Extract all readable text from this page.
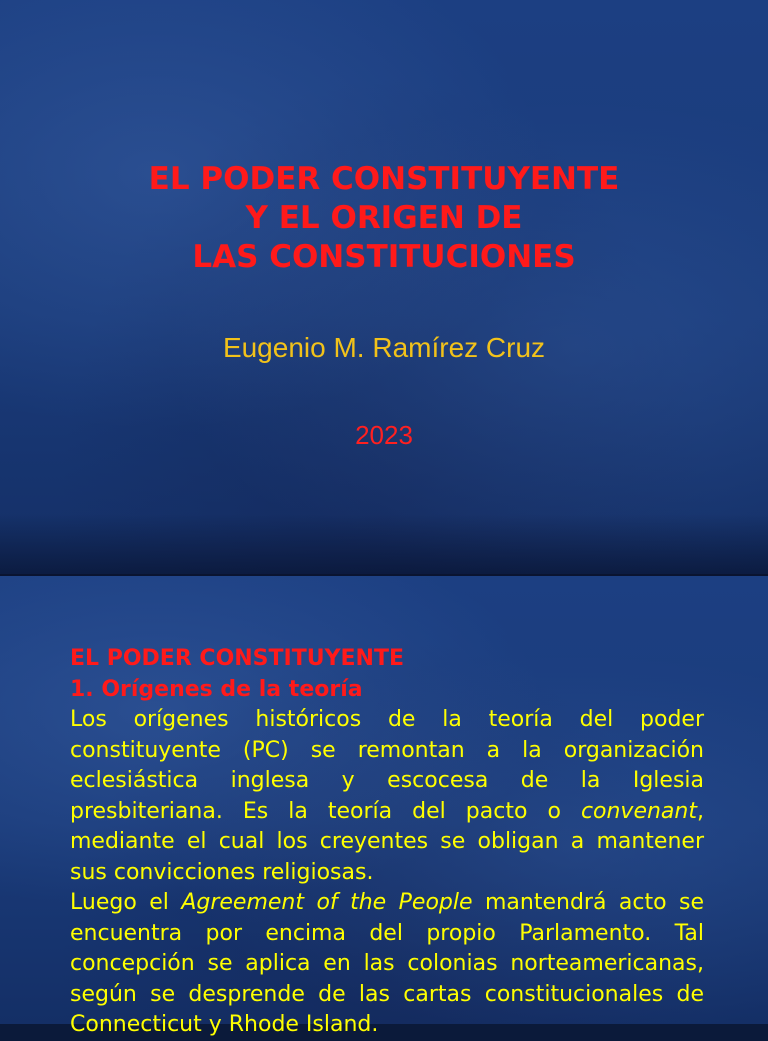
EL PODER CONSTITUYENTE
Y EL ORIGEN DE
LAS CONSTITUCIONES
Eugenio M. Ramírez Cruz
2023

EL PODER CONSTITUYENTE

1. Orígenes de la teoría

Los orígenes históricos de la teoría del poder constituyente (PC) se remontan a la organización eclesiástica inglesa y escocesa de la Iglesia presbiteriana. Es la teoría del pacto o convenant, mediante el cual los creyentes se obligan a mantener sus convicciones religiosas.

Luego el Agreement of the People mantendrá acto se encuentra por encima del propio Parlamento. Tal concepción se aplica en las colonias norteamericanas, según se desprende de las cartas constitucionales de Connecticut y Rhode Island.
